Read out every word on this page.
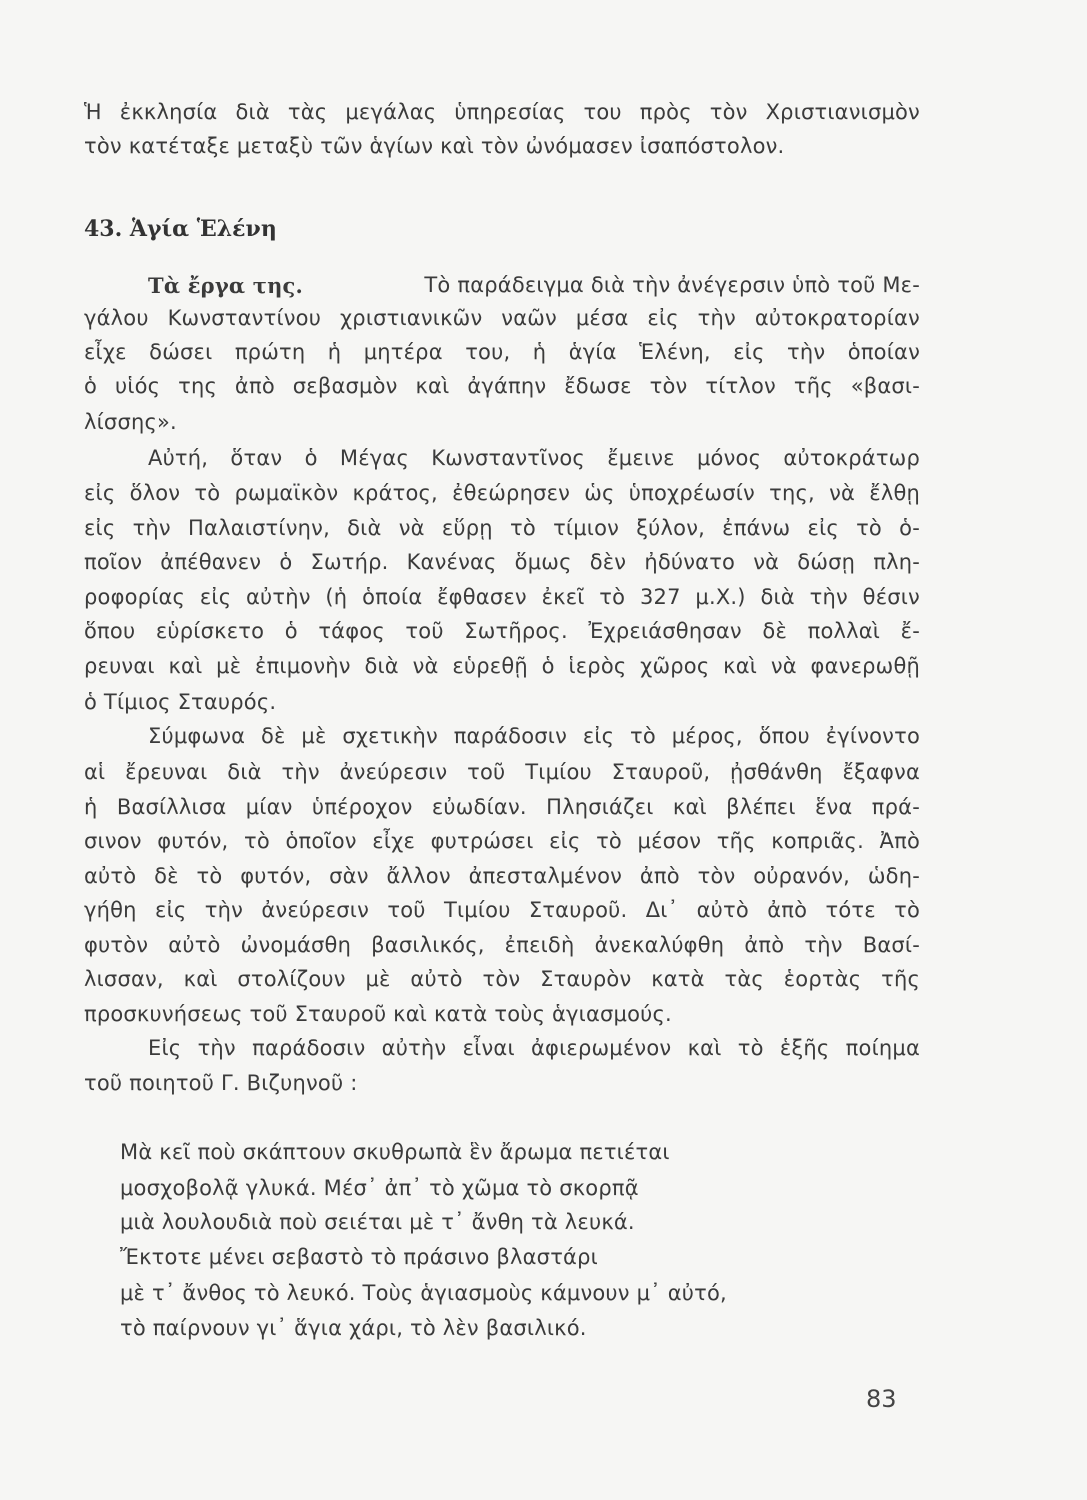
Ἡ ἐκκλησία διὰ τὰς μεγάλας ὑπηρεσίας του πρὸς τὸν Χριστιανισμὸν
τὸν κατέταξε μεταξὺ τῶν ἁγίων καὶ τὸν ὠνόμασεν ἰσαπόστολον.
43. Ἁγία Ἑλένη
Τὰ ἔργα της.	Τὸ παράδειγμα διὰ τὴν ἀνέγερσιν ὑπὸ τοῦ Με-
γάλου Κωνσταντίνου χριστιανικῶν ναῶν μέσα εἰς τὴν αὐτοκρατορίαν
εἶχε δώσει πρώτη ἡ μητέρα του, ἡ ἁγία Ἑλένη, εἰς τὴν ὁποίαν
ὁ υἱός της ἀπὸ σεβασμὸν καὶ ἀγάπην ἔδωσε τὸν τίτλον τῆς «βασι-
λίσσης».
Αὐτή, ὅταν ὁ Μέγας Κωνσταντῖνος ἔμεινε μόνος αὐτοκράτωρ
εἰς ὅλον τὸ ρωμαϊκὸν κράτος, ἐθεώρησεν ὡς ὑποχρέωσίν της, νὰ ἔλθῃ
εἰς τὴν Παλαιστίνην, διὰ νὰ εὕρῃ τὸ τίμιον ξύλον, ἐπάνω εἰς τὸ ὁ-
ποῖον ἀπέθανεν ὁ Σωτήρ. Κανένας ὅμως δὲν ἠδύνατο νὰ δώσῃ πλη-
ροφορίας εἰς αὐτὴν (ἡ ὁποία ἔφθασεν ἐκεῖ τὸ 327 μ.Χ.) διὰ τὴν θέσιν
ὅπου εὑρίσκετο ὁ τάφος τοῦ Σωτῆρος. Ἐχρειάσθησαν δὲ πολλαὶ ἔ-
ρευναι καὶ μὲ ἐπιμονὴν διὰ νὰ εὑρεθῇ ὁ ἱερὸς χῶρος καὶ νὰ φανερωθῇ
ὁ Τίμιος Σταυρός.
Σύμφωνα δὲ μὲ σχετικὴν παράδοσιν εἰς τὸ μέρος, ὅπου ἐγίνοντο
αἱ ἔρευναι διὰ τὴν ἀνεύρεσιν τοῦ Τιμίου Σταυροῦ, ᾐσθάνθη ἔξαφνα
ἡ Βασίλλισα μίαν ὑπέροχον εὐωδίαν. Πλησιάζει καὶ βλέπει ἕνα πρά-
σινον φυτόν, τὸ ὁποῖον εἶχε φυτρώσει εἰς τὸ μέσον τῆς κοπριᾶς. Ἀπὸ
αὐτὸ δὲ τὸ φυτόν, σὰν ἄλλον ἀπεσταλμένον ἀπὸ τὸν οὐρανόν, ὡδη-
γήθη εἰς τὴν ἀνεύρεσιν τοῦ Τιμίου Σταυροῦ. Δι᾽ αὐτὸ ἀπὸ τότε τὸ
φυτὸν αὐτὸ ὠνομάσθη βασιλικός, ἐπειδὴ ἀνεκαλύφθη ἀπὸ τὴν Βασί-
λισσαν, καὶ στολίζουν μὲ αὐτὸ τὸν Σταυρὸν κατὰ τὰς ἑορτὰς τῆς
προσκυνήσεως τοῦ Σταυροῦ καὶ κατὰ τοὺς ἁγιασμούς.
Εἰς τὴν παράδοσιν αὐτὴν εἶναι ἀφιερωμένον καὶ τὸ ἑξῆς ποίημα
τοῦ ποιητοῦ Γ. Βιζυηνοῦ :
Μὰ κεῖ ποὺ σκάπτουν σκυθρωπὰ ἓν ἄρωμα πετιέται
μοσχοβολᾷ γλυκά. Μέσ᾽ ἀπ᾽ τὸ χῶμα τὸ σκορπᾷ
μιὰ λουλουδιὰ ποὺ σειέται μὲ τ᾽ ἄνθη τὰ λευκά.
Ἔκτοτε μένει σεβαστὸ τὸ πράσινο βλαστάρι
μὲ τ᾽ ἄνθος τὸ λευκό. Τοὺς ἁγιασμοὺς κάμνουν μ᾽ αὐτό,
τὸ παίρνουν γι᾽ ἅγια χάρι, τὸ λὲν βασιλικό.
83
